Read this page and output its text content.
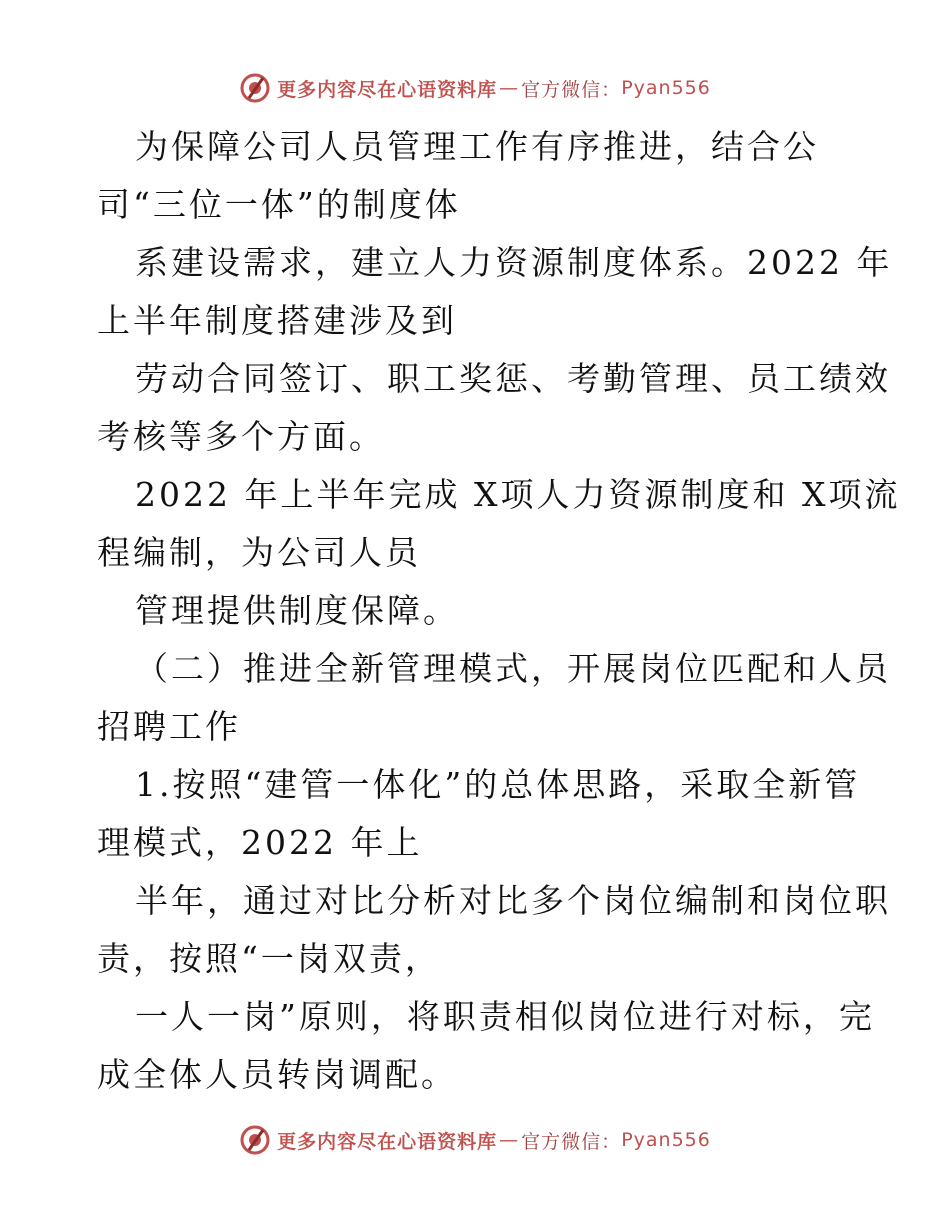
更多内容尽在心语资料库 — 官方微信： Pyan556
为保障公司人员管理工作有序推进，结合公
司“三位一体”的制度体
系建设需求，建立人力资源制度体系。2022 年
上半年制度搭建涉及到
劳动合同签订、职工奖惩、考勤管理、员工绩效
考核等多个方面。
2022 年上半年完成 X项人力资源制度和 X项流
程编制，为公司人员
管理提供制度保障。
（二）推进全新管理模式，开展岗位匹配和人员
招聘工作
1.按照“建管一体化”的总体思路，采取全新管
理模式，2022 年上
半年，通过对比分析对比多个岗位编制和岗位职
责，按照“一岗双责，
一人一岗”原则，将职责相似岗位进行对标，完
成全体人员转岗调配。
更多内容尽在心语资料库 — 官方微信： Pyan556
